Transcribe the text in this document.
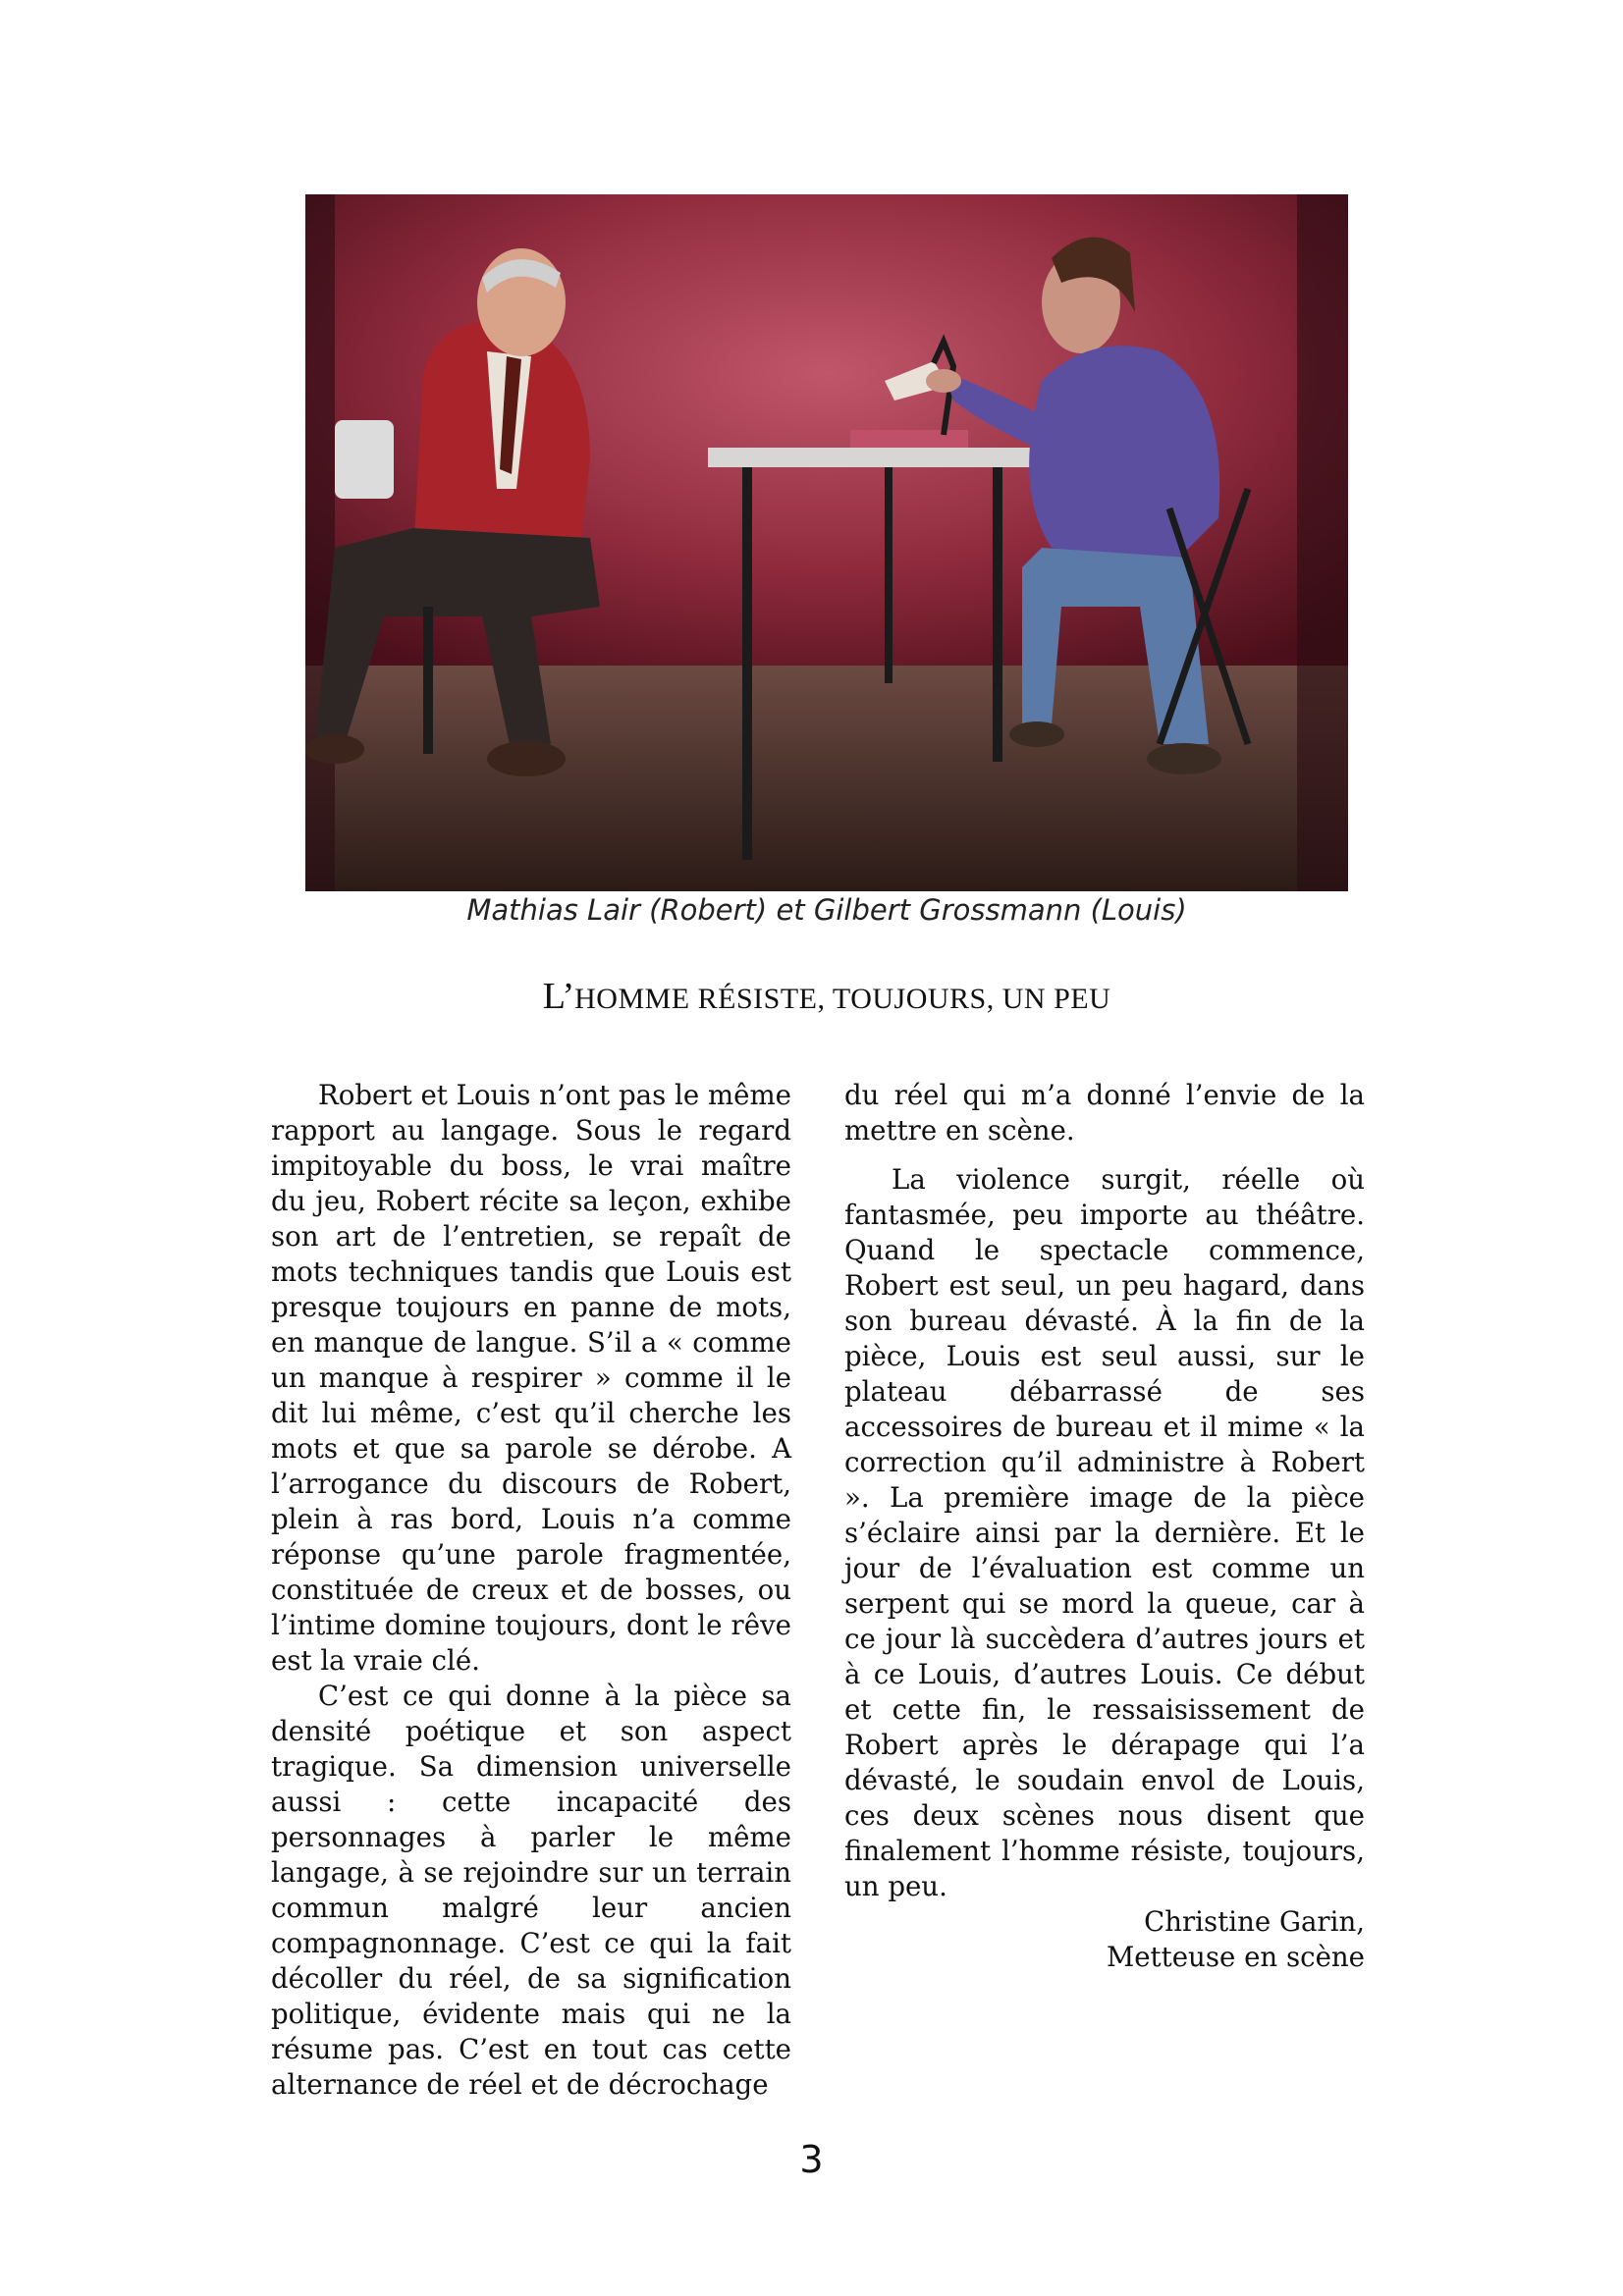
Mathias Lair (Robert) et Gilbert Grossmann (Louis)
L’HOMME RÉSISTE, TOUJOURS, UN PEU

Robert et Louis n’ont pas le même rapport au langage. Sous le regard impitoyable du boss, le vrai maître du jeu, Robert récite sa leçon, exhibe son art de l’entretien, se repaît de mots techniques tandis que Louis est presque toujours en panne de mots, en manque de langue. S’il a « comme un manque à respirer » comme il le dit lui même, c’est qu’il cherche les mots et que sa parole se dérobe. A l’arrogance du discours de Robert, plein à ras bord, Louis n’a comme réponse qu’une parole fragmentée, constituée de creux et de bosses, ou l’intime domine toujours, dont le rêve est la vraie clé.

C’est ce qui donne à la pièce sa densité poétique et son aspect tragique. Sa dimension universelle aussi : cette incapacité des personnages à parler le même langage, à se rejoindre sur un terrain commun malgré leur ancien compagnonnage. C’est ce qui la fait décoller du réel, de sa signification politique, évidente mais qui ne la résume pas. C’est en tout cas cette alternance de réel et de décrochage

du réel qui m’a donné l’envie de la mettre en scène.

La violence surgit, réelle où fantasmée, peu importe au théâtre. Quand le spectacle commence, Robert est seul, un peu hagard, dans son bureau dévasté. À la fin de la pièce, Louis est seul aussi, sur le plateau débarrassé de ses accessoires de bureau et il mime « la correction qu’il administre à Robert ». La première image de la pièce s’éclaire ainsi par la dernière. Et le jour de l’évaluation est comme un serpent qui se mord la queue, car à ce jour là succèdera d’autres jours et à ce Louis, d’autres Louis. Ce début et cette fin, le ressaisissement de Robert après le dérapage qui l’a dévasté, le soudain envol de Louis, ces deux scènes nous disent que finalement l’homme résiste, toujours, un peu.

Christine Garin,

Metteuse en scène

3
